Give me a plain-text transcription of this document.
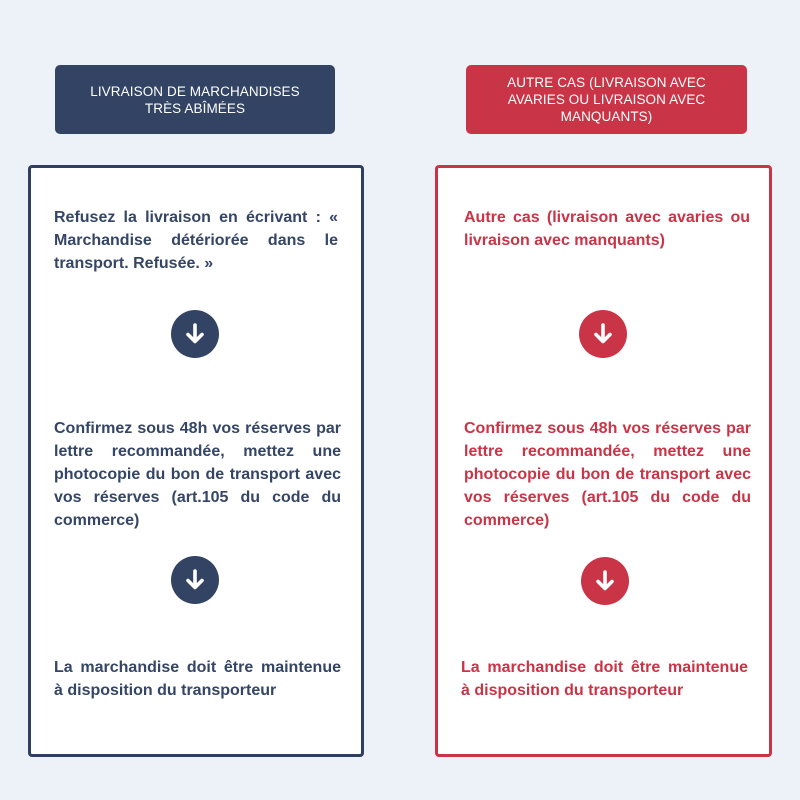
LIVRAISON DE MARCHANDISES
TRÈS ABÎMÉES

Refusez la livraison en écrivant : « Marchandise détériorée dans le transport. Refusée. »

Confirmez sous 48h vos réserves par lettre recommandée, mettez une photocopie du bon de transport avec vos réserves (art.105 du code du commerce)

La marchandise doit être maintenue à disposition du transporteur

AUTRE CAS (LIVRAISON AVEC
AVARIES OU LIVRAISON AVEC
MANQUANTS)

Autre cas (livraison avec avaries ou livraison avec manquants)

Confirmez sous 48h vos réserves par lettre recommandée, mettez une photocopie du bon de transport avec vos réserves (art.105 du code du commerce)

La marchandise doit être maintenue à disposition du transporteur
